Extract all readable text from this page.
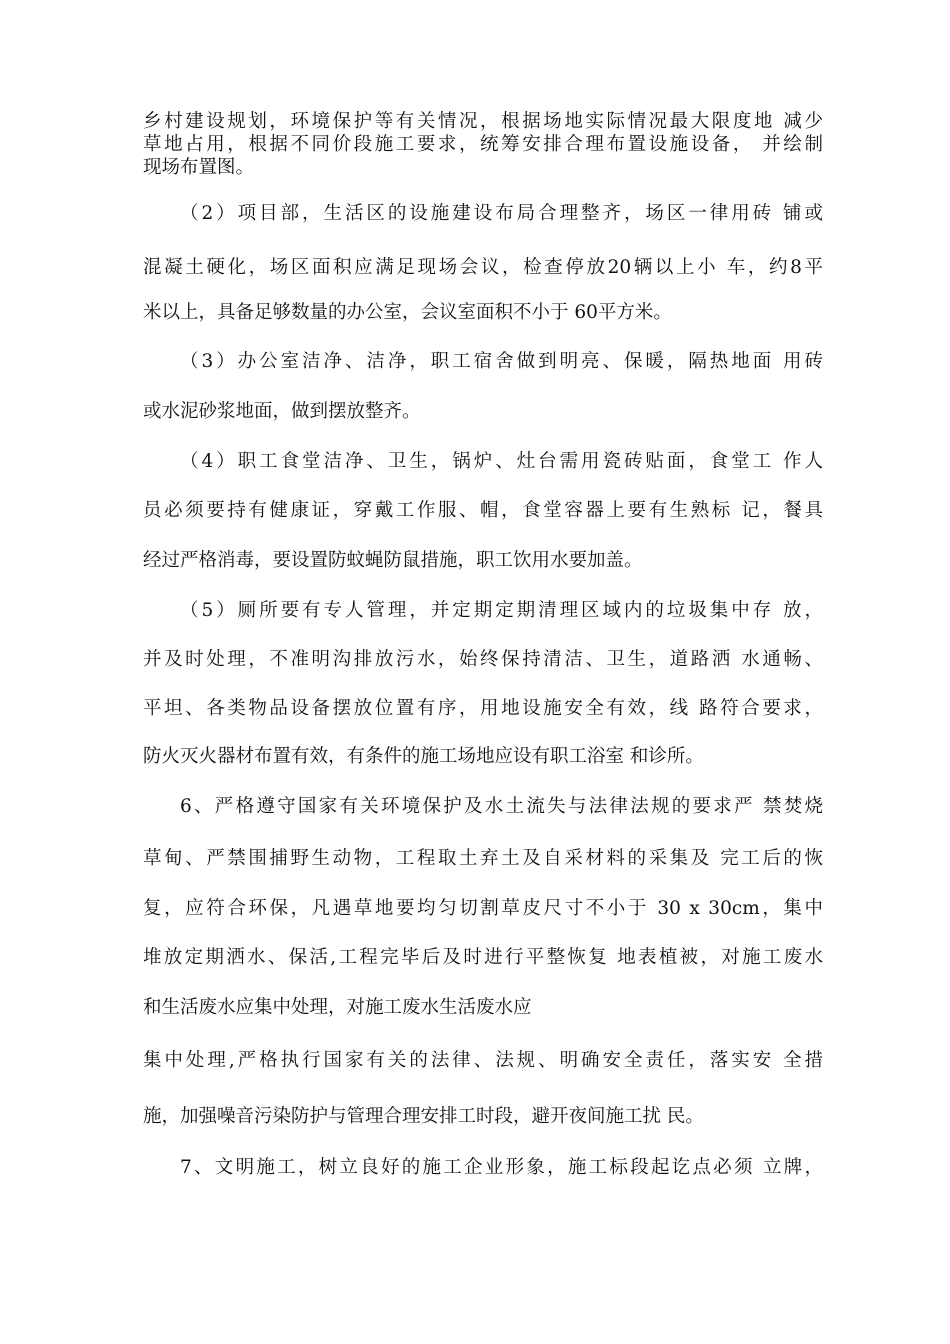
乡村建设规划，环境保护等有关情况，根据场地实际情况最大限度地 减少
草地占用，根据不同价段施工要求，统筹安排合理布置设施设备， 并绘制
现场布置图。
（2）项目部，生活区的设施建设布局合理整齐，场区一律用砖 铺或
混凝土硬化，场区面积应满足现场会议，检查停放20辆以上小 车，约8平
米以上，具备足够数量的办公室，会议室面积不小于 60平方米。
（3）办公室洁净、洁净，职工宿舍做到明亮、保暖，隔热地面 用砖
或水泥砂浆地面，做到摆放整齐。
（4）职工食堂洁净、卫生，锅炉、灶台需用瓷砖贴面，食堂工 作人
员必须要持有健康证，穿戴工作服、帽，食堂容器上要有生熟标 记，餐具
经过严格消毒，要设置防蚊蝇防鼠措施，职工饮用水要加盖。
（5）厕所要有专人管理，并定期定期清理区域内的垃圾集中存 放，
并及时处理，不准明沟排放污水，始终保持清洁、卫生，道路洒 水通畅、
平坦、各类物品设备摆放位置有序，用地设施安全有效，线 路符合要求，
防火灭火器材布置有效，有条件的施工场地应设有职工浴室 和诊所。
6、严格遵守国家有关环境保护及水土流失与法律法规的要求严 禁焚烧
草甸、严禁围捕野生动物，工程取土弃土及自采材料的采集及 完工后的恢
复，应符合环保，凡遇草地要均匀切割草皮尺寸不小于 30 x 30cm，集中
堆放定期洒水、保活,工程完毕后及时进行平整恢复 地表植被，对施工废水
和生活废水应集中处理，对施工废水生活废水应
集中处理,严格执行国家有关的法律、法规、明确安全责任，落实安 全措
施，加强噪音污染防护与管理合理安排工时段，避开夜间施工扰 民。
7、文明施工，树立良好的施工企业形象，施工标段起讫点必须 立牌，
